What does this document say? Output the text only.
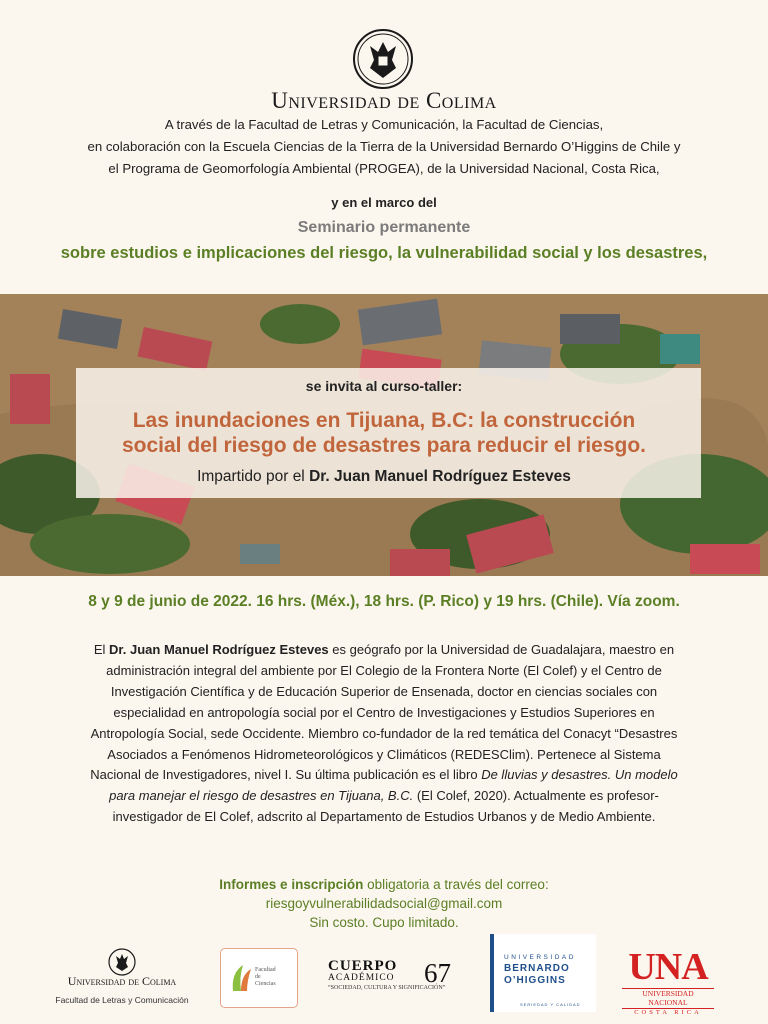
Universidad de Colima
A través de la Facultad de Letras y Comunicación, la Facultad de Ciencias,
en colaboración con la Escuela Ciencias de la Tierra de la Universidad Bernardo O’Higgins de Chile y
el Programa de Geomorfología Ambiental (PROGEA), de la Universidad Nacional, Costa Rica,
y en el marco del
Seminario permanente
sobre estudios e implicaciones del riesgo, la vulnerabilidad social y los desastres,
se invita al curso-taller:
Las inundaciones en Tijuana, B.C: la construcción
social del riesgo de desastres para reducir el riesgo.
Impartido por el Dr. Juan Manuel Rodríguez Esteves
8 y 9 de junio de 2022. 16 hrs. (Méx.), 18 hrs. (P. Rico) y 19 hrs. (Chile). Vía zoom.
El Dr. Juan Manuel Rodríguez Esteves es geógrafo por la Universidad de Guadalajara, maestro en administración integral del ambiente por El Colegio de la Frontera Norte (El Colef) y el Centro de Investigación Científica y de Educación Superior de Ensenada, doctor en ciencias sociales con especialidad en antropología social por el Centro de Investigaciones y Estudios Superiores en Antropología Social, sede Occidente. Miembro co-fundador de la red temática del Conacyt “Desastres Asociados a Fenómenos Hidrometeorológicos y Climáticos (REDESClim). Pertenece al Sistema Nacional de Investigadores, nivel I. Su última publicación es el libro De lluvias y desastres. Un modelo para manejar el riesgo de desastres en Tijuana, B.C. (El Colef, 2020). Actualmente es profesor-investigador de El Colef, adscrito al Departamento de Estudios Urbanos y de Medio Ambiente.
Informes e inscripción obligatoria a través del correo:
riesgoyvulnerabilidadsocial@gmail.com
Sin costo. Cupo limitado.
Universidad de Colima
Facultad de Letras y Comunicación
Facultad
de
Ciencias
CUERPO
ACADÉMICO
“SOCIEDAD, CULTURA Y SIGNIFICACIÓN”
67
UNIVERSIDAD
BERNARDO
O’HIGGINS
SERIEDAD Y CALIDAD
UNA
UNIVERSIDAD NACIONAL
COSTA RICA
